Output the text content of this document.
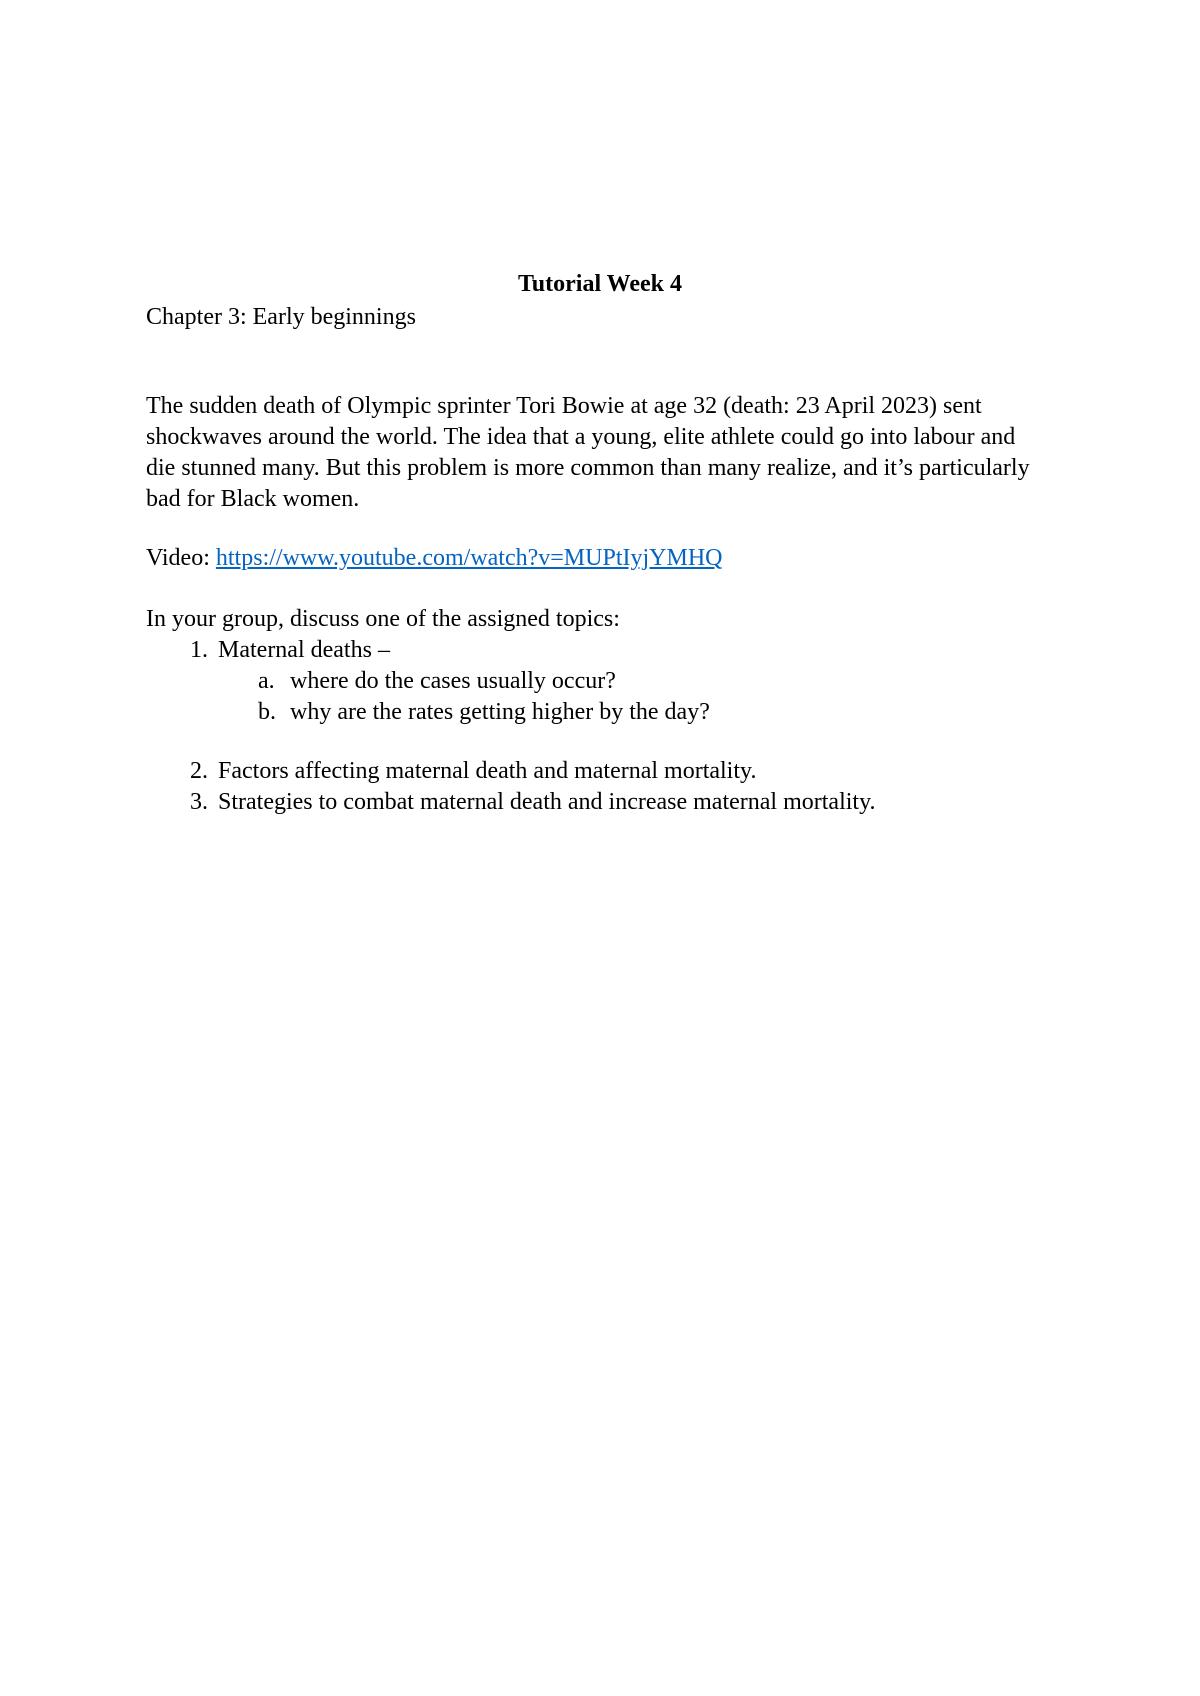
Tutorial Week 4
Chapter 3: Early beginnings

The sudden death of Olympic sprinter Tori Bowie at age 32 (death: 23 April 2023) sent shockwaves around the world. The idea that a young, elite athlete could go into labour and die stunned many. But this problem is more common than many realize, and it’s particularly bad for Black women.

Video: https://www.youtube.com/watch?v=MUPtIyjYMHQ
In your group, discuss one of the assigned topics:
1. Maternal deaths –
a. where do the cases usually occur?
b. why are the rates getting higher by the day?
2. Factors affecting maternal death and maternal mortality.
3. Strategies to combat maternal death and increase maternal mortality.
